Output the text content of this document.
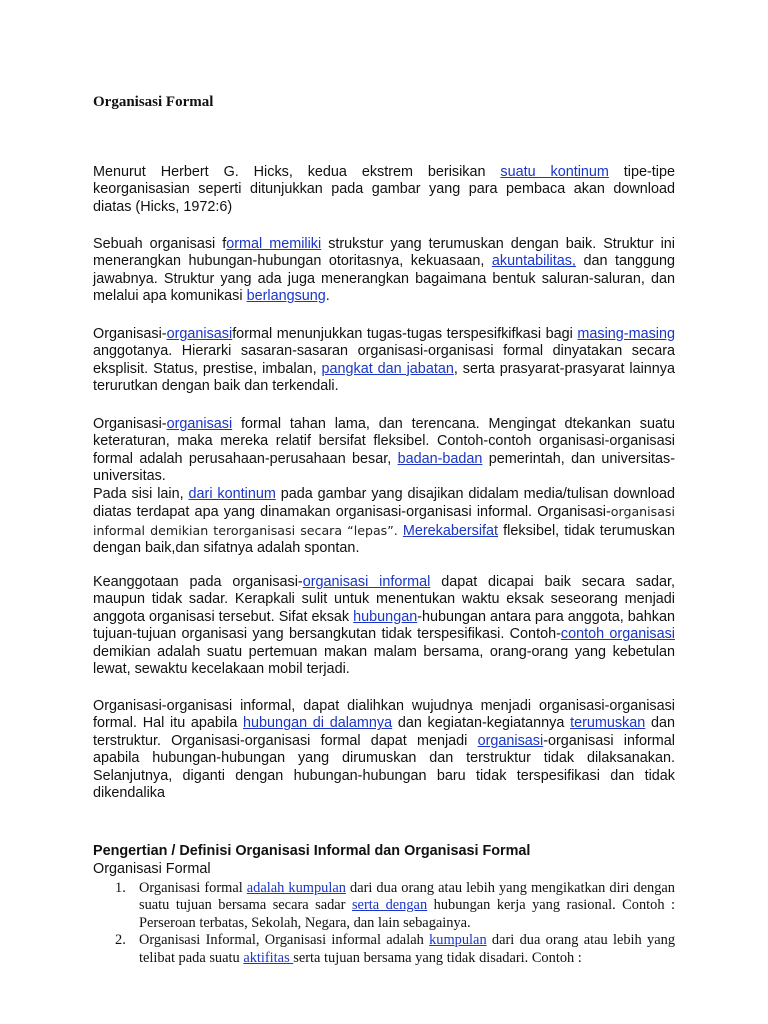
Organisasi Formal

Menurut Herbert G. Hicks, kedua ekstrem berisikan suatu kontinum tipe-tipe keorganisasian seperti ditunjukkan pada gambar yang para pembaca akan download diatas (Hicks, 1972:6)

Sebuah organisasi formal memiliki strukstur yang terumuskan dengan baik. Struktur ini menerangkan hubungan-hubungan otoritasnya, kekuasaan, akuntabilitas, dan tanggung jawabnya. Struktur yang ada juga menerangkan bagaimana bentuk saluran-saluran, dan melalui apa komunikasi berlangsung.

Organisasi-organisasiformal menunjukkan tugas-tugas terspesifkifkasi bagi masing-masing anggotanya. Hierarki sasaran-sasaran organisasi-organisasi formal dinyatakan secara eksplisit. Status, prestise, imbalan, pangkat dan jabatan, serta prasyarat-prasyarat lainnya terurutkan dengan baik dan terkendali.

Organisasi-organisasi formal tahan lama, dan terencana. Mengingat dtekankan suatu keteraturan, maka mereka relatif bersifat fleksibel. Contoh-contoh organisasi-organisasi formal adalah perusahaan-perusahaan besar, badan-badan pemerintah, dan universitas-universitas.

Pada sisi lain, dari kontinum pada gambar yang disajikan didalam media/tulisan download diatas terdapat apa yang dinamakan organisasi-organisasi informal. Organisasi-organisasi informal demikian terorganisasi secara “lepas”. Merekabersifat fleksibel, tidak terumuskan dengan baik,dan sifatnya adalah spontan.

Keanggotaan pada organisasi-organisasi informal dapat dicapai baik secara sadar, maupun tidak sadar. Kerapkali sulit untuk menentukan waktu eksak seseorang menjadi anggota organisasi tersebut. Sifat eksak hubungan-hubungan antara para anggota, bahkan tujuan-tujuan organisasi yang bersangkutan tidak terspesifikasi. Contoh-contoh organisasi demikian adalah suatu pertemuan makan malam bersama, orang-orang yang kebetulan lewat, sewaktu kecelakaan mobil terjadi.

Organisasi-organisasi informal, dapat dialihkan wujudnya menjadi organisasi-organisasi formal. Hal itu apabila hubungan di dalamnya dan kegiatan-kegiatannya terumuskan dan terstruktur. Organisasi-organisasi formal dapat menjadi organisasi-organisasi informal apabila hubungan-hubungan yang dirumuskan dan terstruktur tidak dilaksanakan. Selanjutnya, diganti dengan hubungan-hubungan baru tidak terspesifikasi dan tidak dikendalika

Pengertian / Definisi Organisasi Informal dan Organisasi Formal
Organisasi Formal
1. Organisasi formal adalah kumpulan dari dua orang atau lebih yang mengikatkan diri dengan suatu tujuan bersama secara sadar serta dengan hubungan kerja yang rasional. Contoh : Perseroan terbatas, Sekolah, Negara, dan lain sebagainya.
2. Organisasi Informal, Organisasi informal adalah kumpulan dari dua orang atau lebih yang telibat pada suatu aktifitas serta tujuan bersama yang tidak disadari. Contoh :
